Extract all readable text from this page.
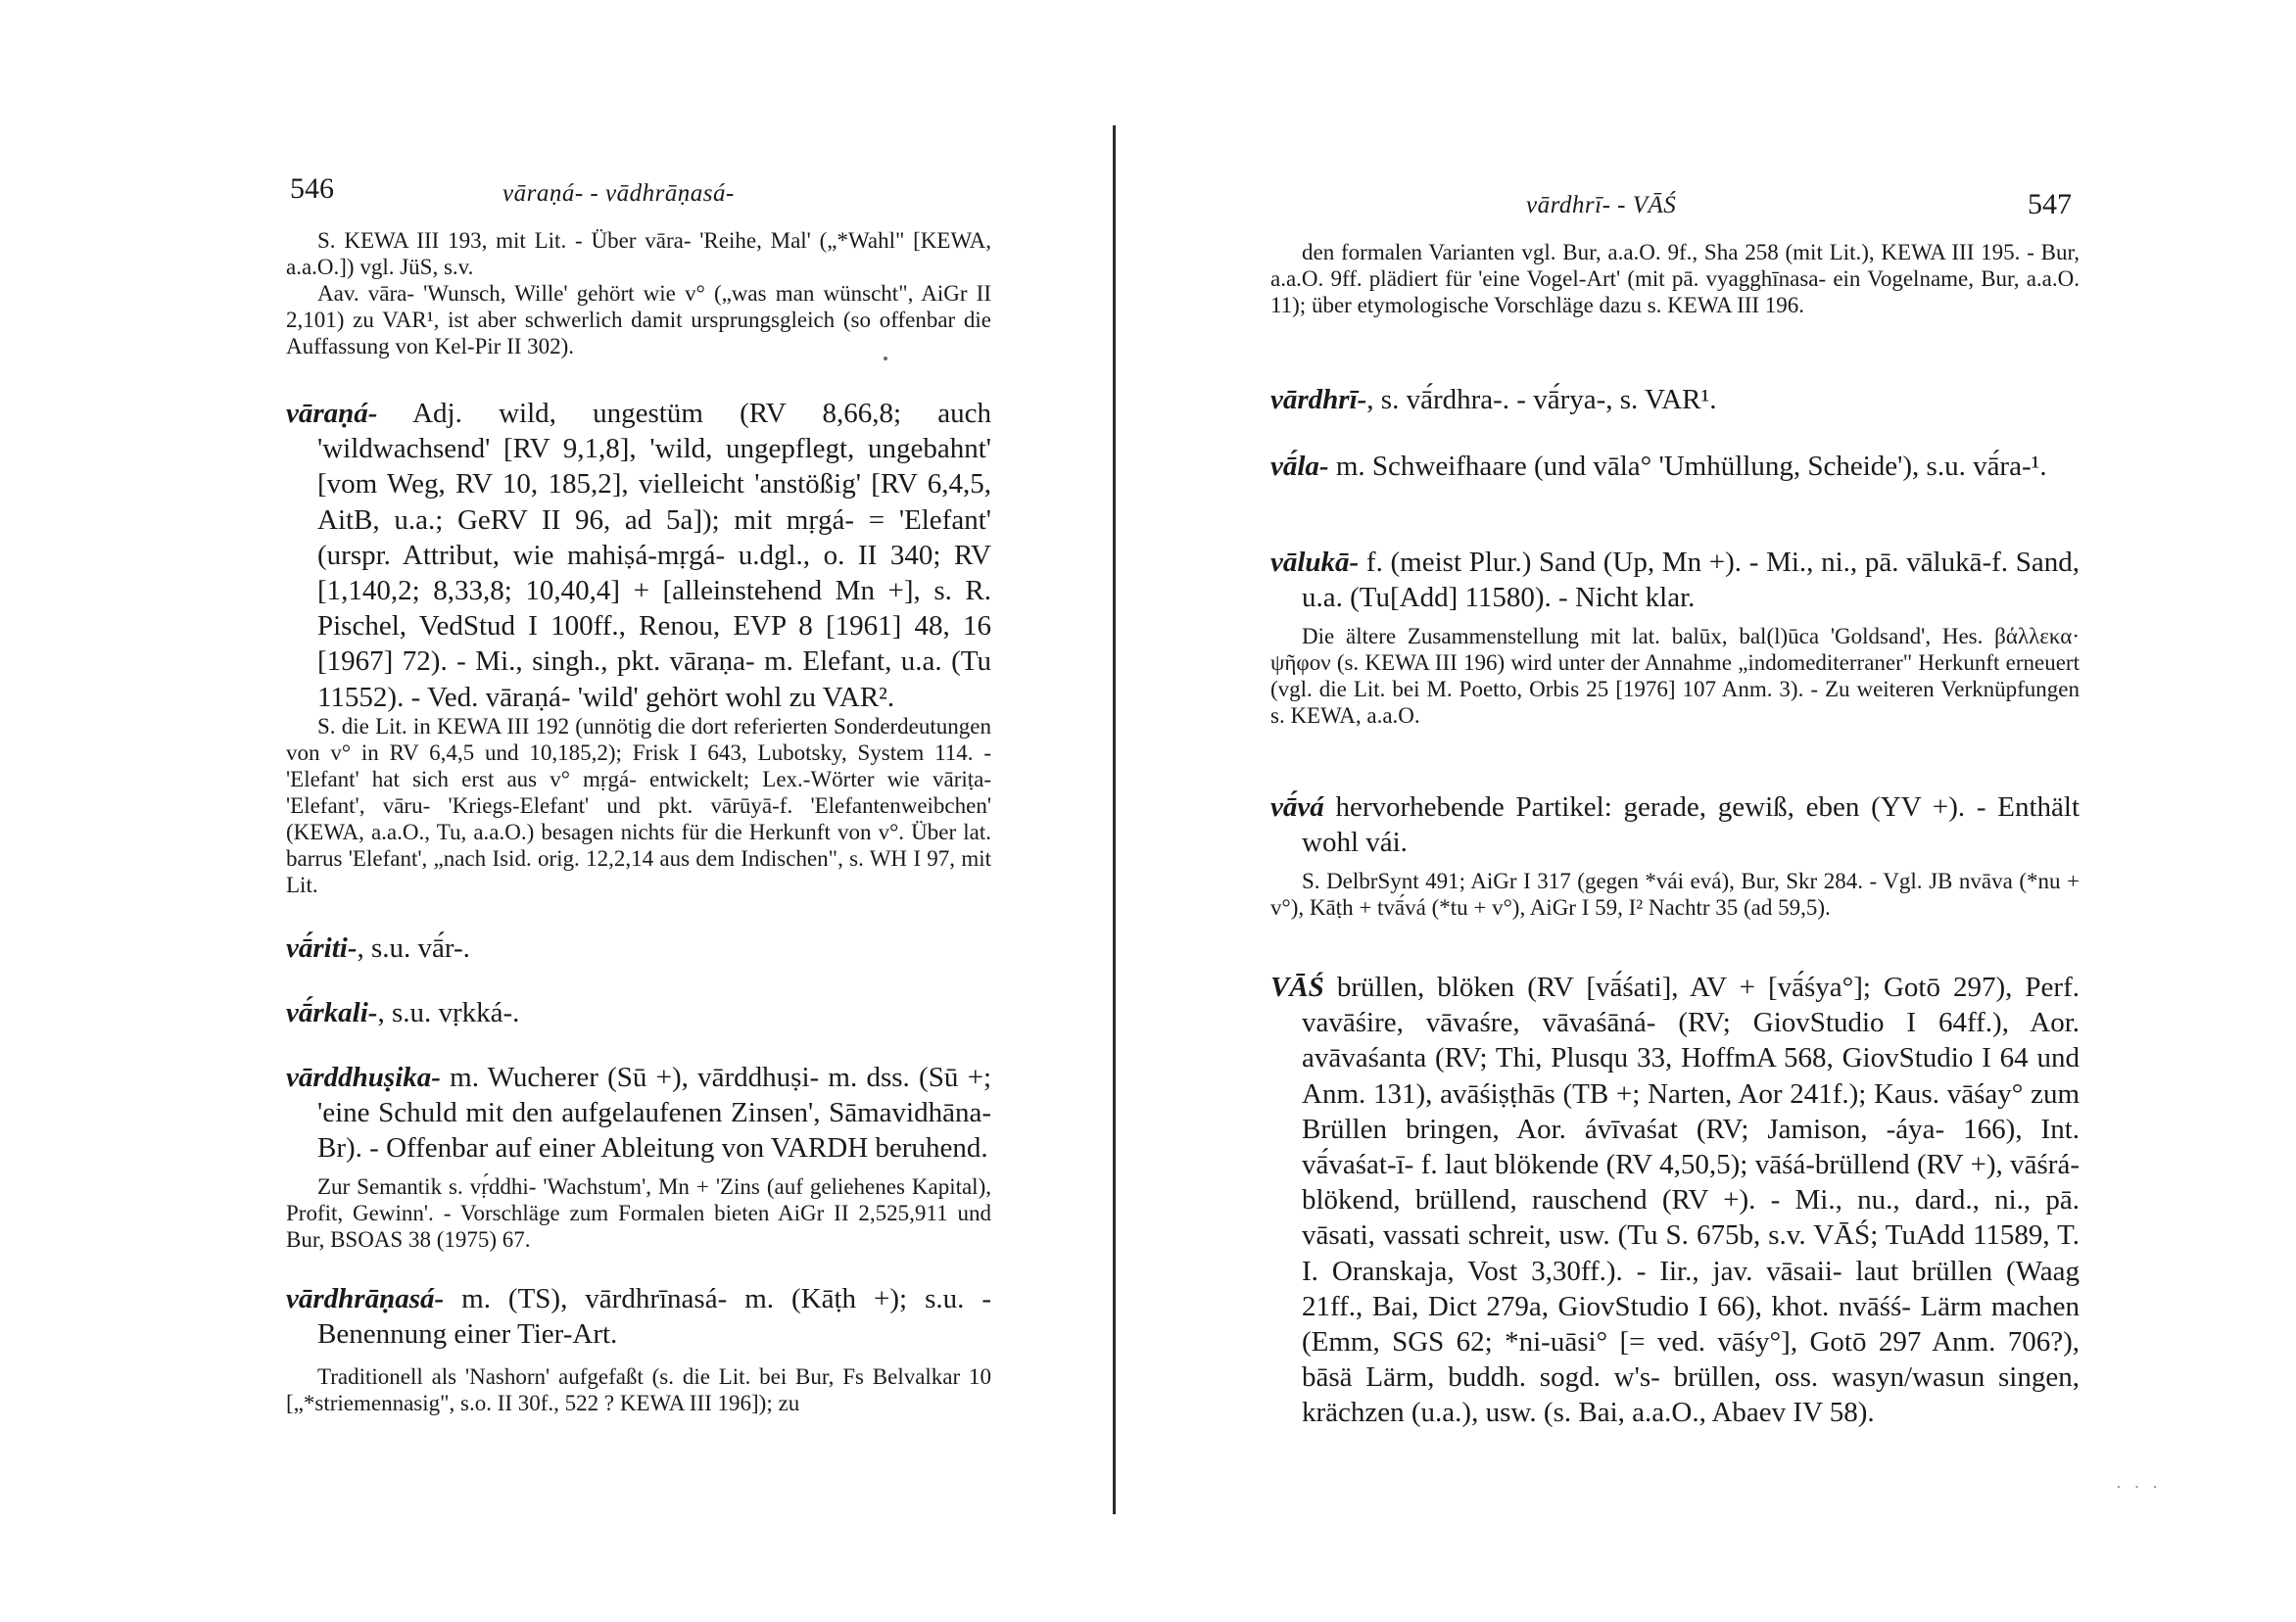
546	vāraṇá- - vādhrāṇasá-
S. KEWA III 193, mit Lit. - Über vāra- 'Reihe, Mal' („*Wahl" [KEWA, a.a.O.]) vgl. JüS, s.v.
Aav. vāra- 'Wunsch, Wille' gehört wie v° („was man wünscht", AiGr II 2,101) zu VAR¹, ist aber schwerlich damit ursprungsgleich (so offenbar die Auffassung von Kel-Pir II 302).
vāraṇá- Adj. wild, ungestüm (RV 8,66,8; auch 'wildwachsend' [RV 9,1,8], 'wild, ungepflegt, ungebahnt' [vom Weg, RV 10, 185,2], vielleicht 'anstößig' [RV 6,4,5, AitB, u.a.; GeRV II 96, ad 5a]); mit mṛgá- = 'Elefant' (urspr. Attribut, wie mahiṣá-mṛgá- u.dgl., o. II 340; RV [1,140,2; 8,33,8; 10,40,4] + [alleinstehend Mn +], s. R. Pischel, VedStud I 100ff., Renou, EVP 8 [1961] 48, 16 [1967] 72). - Mi., singh., pkt. vāraṇa- m. Elefant, u.a. (Tu 11552). - Ved. vāraṇá- 'wild' gehört wohl zu VAR².
S. die Lit. in KEWA III 192 (unnötig die dort referierten Sonderdeutungen von v° in RV 6,4,5 und 10,185,2); Frisk I 643, Lubotsky, System 114. - 'Elefant' hat sich erst aus v° mṛgá- entwickelt; Lex.-Wörter wie vāriṭa- 'Elefant', vāru- 'Kriegs-Elefant' und pkt. vārūyā-f. 'Elefantenweibchen' (KEWA, a.a.O., Tu, a.a.O.) besagen nichts für die Herkunft von v°. Über lat. barrus 'Elefant', „nach Isid. orig. 12,2,14 aus dem Indischen", s. WH I 97, mit Lit.
vā́riti-, s.u. vā́r-.
vā́rkali-, s.u. vṛkká-.
vārddhuṣika- m. Wucherer (Sū +), vārddhuṣi- m. dss. (Sū +; 'eine Schuld mit den aufgelaufenen Zinsen', Sāmavidhāna-Br). - Offenbar auf einer Ableitung von VARDH beruhend.
Zur Semantik s. vṛ́ddhi- 'Wachstum', Mn + 'Zins (auf geliehenes Kapital), Profit, Gewinn'. - Vorschläge zum Formalen bieten AiGr II 2,525,911 und Bur, BSOAS 38 (1975) 67.
vārdhrāṇasá- m. (TS), vārdhrīnasá- m. (Kāṭh +); s.u. - Benennung einer Tier-Art.
Traditionell als 'Nashorn' aufgefaßt (s. die Lit. bei Bur, Fs Belvalkar 10 [„*striemennasig", s.o. II 30f., 522 ? KEWA III 196]); zu
vārdhrī- - VĀŚ	547
den formalen Varianten vgl. Bur, a.a.O. 9f., Sha 258 (mit Lit.), KEWA III 195. - Bur, a.a.O. 9ff. plädiert für 'eine Vogel-Art' (mit pā. vyagghīnasa- ein Vogelname, Bur, a.a.O. 11); über etymologische Vorschläge dazu s. KEWA III 196.
vārdhrī-, s. vā́rdhra-. - vā́rya-, s. VAR¹.
vā́la- m. Schweifhaare (und vāla° 'Umhüllung, Scheide'), s.u. vā́ra-¹.
vālukā- f. (meist Plur.) Sand (Up, Mn +). - Mi., ni., pā. vālukā-f. Sand, u.a. (Tu[Add] 11580). - Nicht klar.
Die ältere Zusammenstellung mit lat. balūx, bal(l)ūca 'Goldsand', Hes. βάλλεκα· ψῆφον (s. KEWA III 196) wird unter der Annahme „indomediterraner" Herkunft erneuert (vgl. die Lit. bei M. Poetto, Orbis 25 [1976] 107 Anm. 3). - Zu weiteren Verknüpfungen s. KEWA, a.a.O.
vā́vá hervorhebende Partikel: gerade, gewiß, eben (YV +). - Enthält wohl vái.
S. DelbrSynt 491; AiGr I 317 (gegen *vái evá), Bur, Skr 284. - Vgl. JB nvāva (*nu + v°), Kāṭh + tvā́vá (*tu + v°), AiGr I 59, I² Nachtr 35 (ad 59,5).
VĀŚ brüllen, blöken (RV [vā́śati], AV + [vā́śya°]; Gotō 297), Perf. vavāśire, vāvaśre, vāvaśāná- (RV; GiovStudio I 64ff.), Aor. avāvaśanta (RV; Thi, Plusqu 33, HoffmA 568, GiovStudio I 64 und Anm. 131), avāśiṣṭhās (TB +; Narten, Aor 241f.); Kaus. vāśay° zum Brüllen bringen, Aor. ávīvaśat (RV; Jamison, -áya- 166), Int. vā́vaśat-ī- f. laut blökende (RV 4,50,5); vāśá-brüllend (RV +), vāśrá- blökend, brüllend, rauschend (RV +). - Mi., nu., dard., ni., pā. vāsati, vassati schreit, usw. (Tu S. 675b, s.v. VĀŚ; TuAdd 11589, T. I. Oranskaja, Vost 3,30ff.). - Iir., jav. vāsaii- laut brüllen (Waag 21ff., Bai, Dict 279a, GiovStudio I 66), khot. nvāśś- Lärm machen (Emm, SGS 62; *ni-uāsi° [= ved. vāśy°], Gotō 297 Anm. 706?), bāsä Lärm, buddh. sogd. w's- brüllen, oss. wasyn/wasun singen, krächzen (u.a.), usw. (s. Bai, a.a.O., Abaev IV 58).
· · ·
